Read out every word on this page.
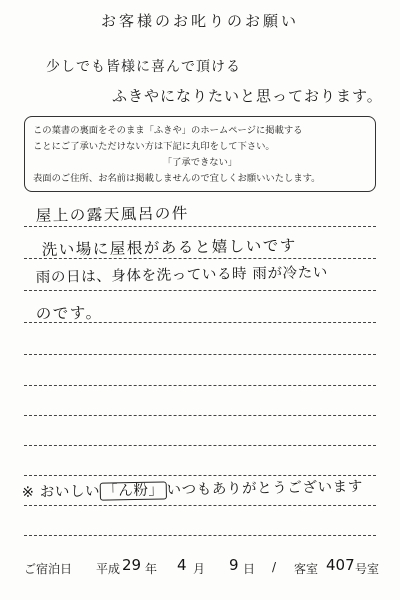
お客様のお叱りのお願い
少しでも皆様に喜んで頂ける
ふきやになりたいと思っております。
この葉書の裏面をそのまま「ふきや」のホームページに掲載する
ことにご了承いただけない方は下記に丸印をして下さい。
「了承できない」
表面のご住所、お名前は掲載しませんので宜しくお願いいたします。
屋上の露天風呂の件
洗い場に屋根があると嬉しいです
雨の日は、身体を洗っている時 雨が冷たい
のです。
※ おいしい 「ん粉」 いつもありがとうございます
ご宿泊日 平成 29 年 4 月 9 日 / 客室 407 号室
